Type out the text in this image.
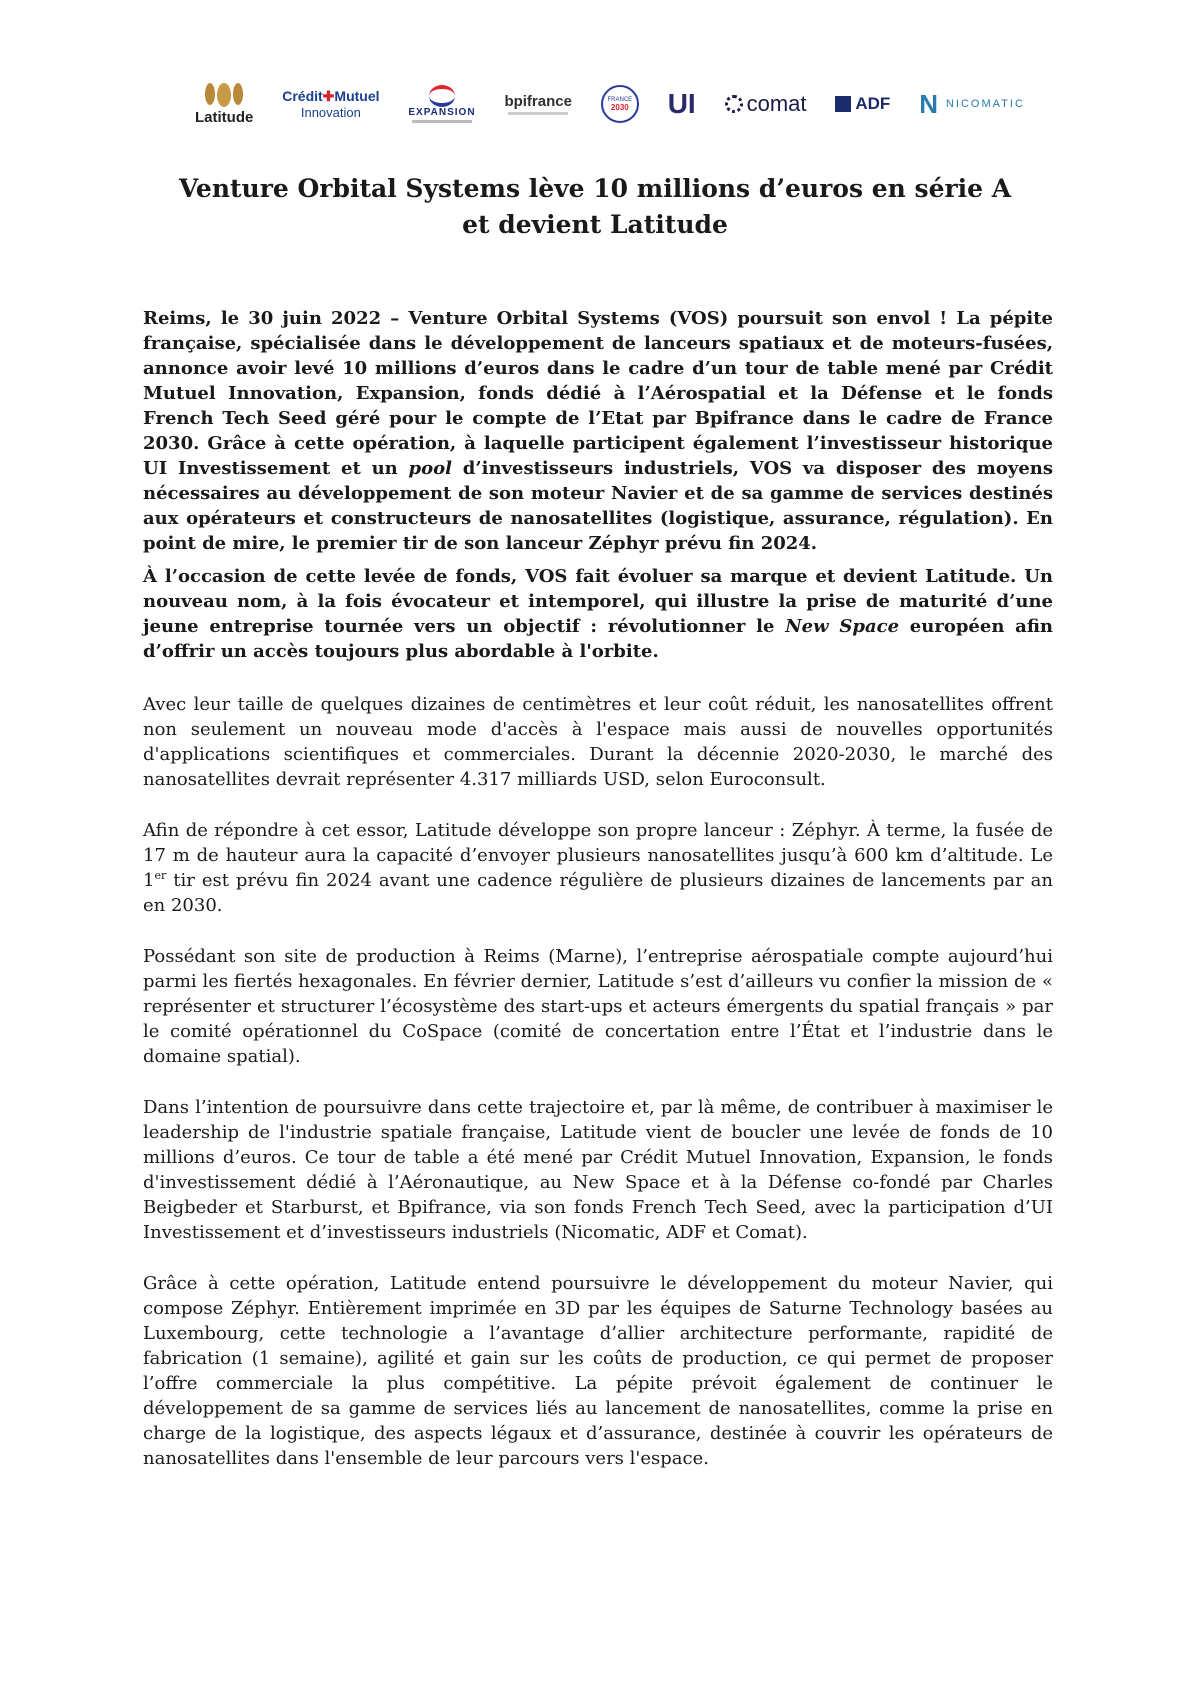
Latitude
Crédit✚Mutuel
Innovation	EXPANSION
bpifrance	FRANCE
2030 UI comat	ADF N NICOMATIC
Venture Orbital Systems lève 10 millions d’euros en série A
et devient Latitude

Reims, le 30 juin 2022 – Venture Orbital Systems (VOS) poursuit son envol ! La pépite française, spécialisée dans le développement de lanceurs spatiaux et de moteurs-fusées, annonce avoir levé 10 millions d’euros dans le cadre d’un tour de table mené par Crédit Mutuel Innovation, Expansion, fonds dédié à l’Aérospatial et la Défense et le fonds French Tech Seed géré pour le compte de l’Etat par Bpifrance dans le cadre de France 2030. Grâce à cette opération, à laquelle participent également l’investisseur historique UI Investissement et un pool d’investisseurs industriels, VOS va disposer des moyens nécessaires au développement de son moteur Navier et de sa gamme de services destinés aux opérateurs et constructeurs de nanosatellites (logistique, assurance, régulation). En point de mire, le premier tir de son lanceur Zéphyr prévu fin 2024.

À l’occasion de cette levée de fonds, VOS fait évoluer sa marque et devient Latitude. Un nouveau nom, à la fois évocateur et intemporel, qui illustre la prise de maturité d’une jeune entreprise tournée vers un objectif : révolutionner le New Space européen afin d’offrir un accès toujours plus abordable à l'orbite.

Avec leur taille de quelques dizaines de centimètres et leur coût réduit, les nanosatellites offrent non seulement un nouveau mode d'accès à l'espace mais aussi de nouvelles opportunités d'applications scientifiques et commerciales. Durant la décennie 2020-2030, le marché des nanosatellites devrait représenter 4.317 milliards USD, selon Euroconsult.

Afin de répondre à cet essor, Latitude développe son propre lanceur : Zéphyr. À terme, la fusée de 17 m de hauteur aura la capacité d’envoyer plusieurs nanosatellites jusqu’à 600 km d’altitude. Le 1er tir est prévu fin 2024 avant une cadence régulière de plusieurs dizaines de lancements par an en 2030.

Possédant son site de production à Reims (Marne), l’entreprise aérospatiale compte aujourd’hui parmi les fiertés hexagonales. En février dernier, Latitude s’est d’ailleurs vu confier la mission de « représenter et structurer l’écosystème des start-ups et acteurs émergents du spatial français » par le comité opérationnel du CoSpace (comité de concertation entre l’État et l’industrie dans le domaine spatial).

Dans l’intention de poursuivre dans cette trajectoire et, par là même, de contribuer à maximiser le leadership de l'industrie spatiale française, Latitude vient de boucler une levée de fonds de 10 millions d’euros. Ce tour de table a été mené par Crédit Mutuel Innovation, Expansion, le fonds d'investissement dédié à l’Aéronautique, au New Space et à la Défense co-fondé par Charles Beigbeder et Starburst, et Bpifrance, via son fonds French Tech Seed, avec la participation d’UI Investissement et d’investisseurs industriels (Nicomatic, ADF et Comat).

Grâce à cette opération, Latitude entend poursuivre le développement du moteur Navier, qui compose Zéphyr. Entièrement imprimée en 3D par les équipes de Saturne Technology basées au Luxembourg, cette technologie a l’avantage d’allier architecture performante, rapidité de fabrication (1 semaine), agilité et gain sur les coûts de production, ce qui permet de proposer l’offre commerciale la plus compétitive. La pépite prévoit également de continuer le développement de sa gamme de services liés au lancement de nanosatellites, comme la prise en charge de la logistique, des aspects légaux et d’assurance, destinée à couvrir les opérateurs de nanosatellites dans l'ensemble de leur parcours vers l'espace.
